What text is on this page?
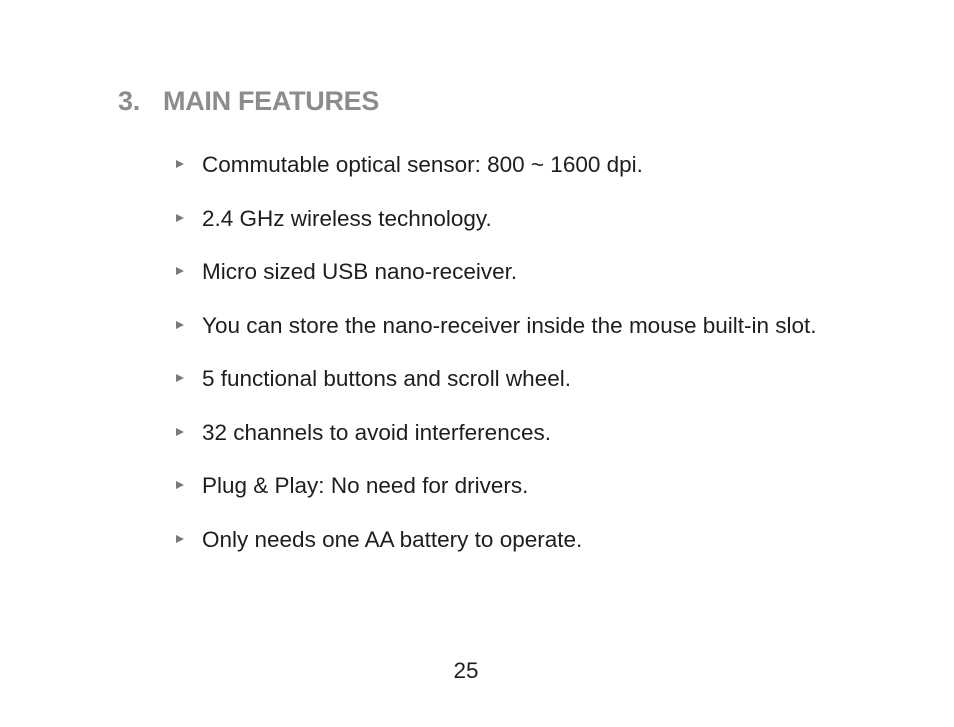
3. MAIN FEATURES
Commutable optical sensor: 800 ~ 1600 dpi.
2.4 GHz wireless technology.
Micro sized USB nano-receiver.
You can store the nano-receiver inside the mouse built-in slot.
5 functional buttons and scroll wheel.
32 channels to avoid interferences.
Plug & Play: No need for drivers.
Only needs one AA battery to operate.
25
